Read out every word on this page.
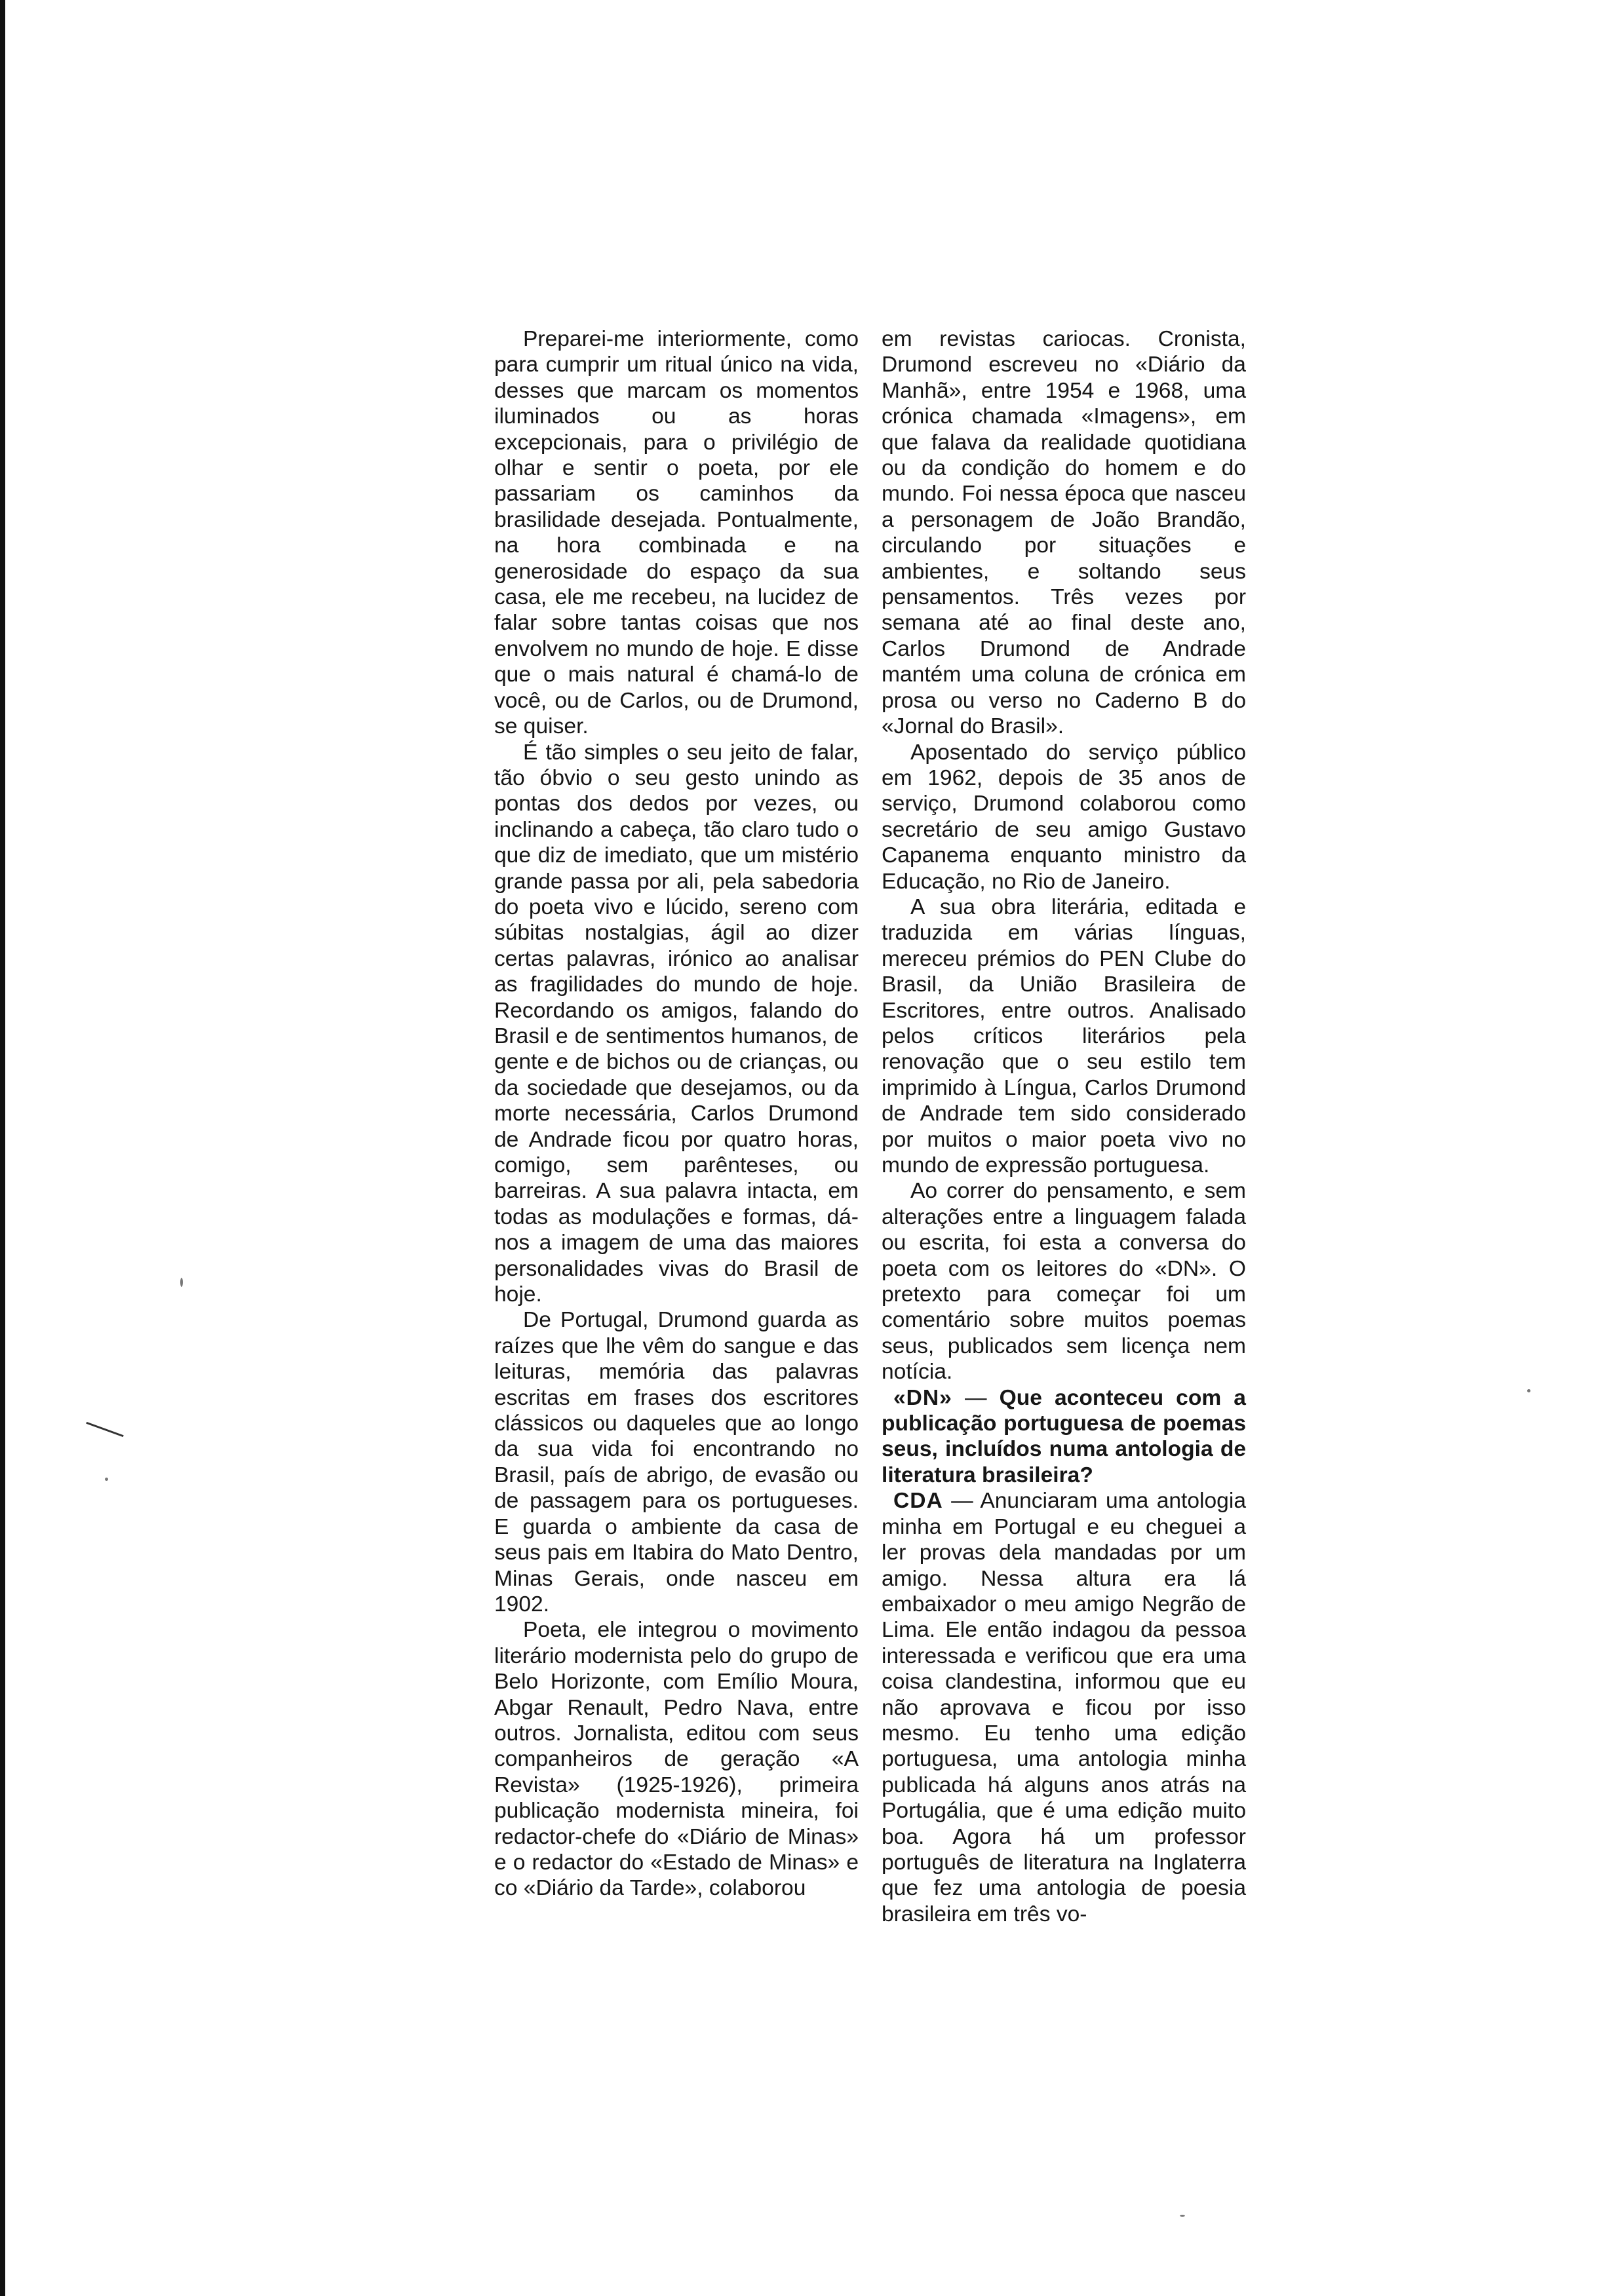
Preparei-me interiormente, como para cumprir um ritual único na vida, desses que marcam os momentos iluminados ou as horas excepcionais, para o privilégio de olhar e sentir o poeta, por ele passariam os caminhos da brasilidade desejada. Pontualmente, na hora combinada e na generosidade do espaço da sua casa, ele me recebeu, na lucidez de falar sobre tantas coisas que nos envolvem no mundo de hoje. E disse que o mais natural é chamá-lo de você, ou de Carlos, ou de Drumond, se quiser.

É tão simples o seu jeito de falar, tão óbvio o seu gesto unindo as pontas dos dedos por vezes, ou inclinando a cabeça, tão claro tudo o que diz de imediato, que um mistério grande passa por ali, pela sabedoria do poeta vivo e lúcido, sereno com súbitas nostalgias, ágil ao dizer certas palavras, irónico ao analisar as fragilidades do mundo de hoje. Recordando os amigos, falando do Brasil e de sentimentos humanos, de gente e de bichos ou de crianças, ou da sociedade que desejamos, ou da morte necessária, Carlos Drumond de Andrade ficou por quatro horas, comigo, sem parênteses, ou barreiras. A sua palavra intacta, em todas as modulações e formas, dá-nos a imagem de uma das maiores personalidades vivas do Brasil de hoje.

De Portugal, Drumond guarda as raízes que lhe vêm do sangue e das leituras, memória das palavras escritas em frases dos escritores clássicos ou daqueles que ao longo da sua vida foi encontrando no Brasil, país de abrigo, de evasão ou de passagem para os portugueses. E guarda o ambiente da casa de seus pais em Itabira do Mato Dentro, Minas Gerais, onde nasceu em 1902.

Poeta, ele integrou o movimento literário modernista pelo do grupo de Belo Horizonte, com Emílio Moura, Abgar Renault, Pedro Nava, entre outros. Jornalista, editou com seus companheiros de geração «A Revista» (1925-1926), primeira publicação modernista mineira, foi redactor-chefe do «Diário de Minas» e o redactor do «Estado de Minas» e co «Diário da Tarde», colaborou

em revistas cariocas. Cronista, Drumond escreveu no «Diário da Manhã», entre 1954 e 1968, uma crónica chamada «Imagens», em que falava da realidade quotidiana ou da condição do homem e do mundo. Foi nessa época que nasceu a personagem de João Brandão, circulando por situações e ambientes, e soltando seus pensamentos. Três vezes por semana até ao final deste ano, Carlos Drumond de Andrade mantém uma coluna de crónica em prosa ou verso no Caderno B do «Jornal do Brasil».

Aposentado do serviço público em 1962, depois de 35 anos de serviço, Drumond colaborou como secretário de seu amigo Gustavo Capanema enquanto ministro da Educação, no Rio de Janeiro.

A sua obra literária, editada e traduzida em várias línguas, mereceu prémios do PEN Clube do Brasil, da União Brasileira de Escritores, entre outros. Analisado pelos críticos literários pela renovação que o seu estilo tem imprimido à Língua, Carlos Drumond de Andrade tem sido considerado por muitos o maior poeta vivo no mundo de expressão portuguesa.

Ao correr do pensamento, e sem alterações entre a linguagem falada ou escrita, foi esta a conversa do poeta com os leitores do «DN». O pretexto para começar foi um comentário sobre muitos poemas seus, publicados sem licença nem notícia.

«DN» — Que aconteceu com a publicação portuguesa de poemas seus, incluídos numa antologia de literatura brasileira?

CDA — Anunciaram uma antologia minha em Portugal e eu cheguei a ler provas dela mandadas por um amigo. Nessa altura era lá embaixador o meu amigo Negrão de Lima. Ele então indagou da pessoa interessada e verificou que era uma coisa clandestina, informou que eu não aprovava e ficou por isso mesmo. Eu tenho uma edição portuguesa, uma antologia minha publicada há alguns anos atrás na Portugália, que é uma edição muito boa. Agora há um professor português de literatura na Inglaterra que fez uma antologia de poesia brasileira em três vo-
